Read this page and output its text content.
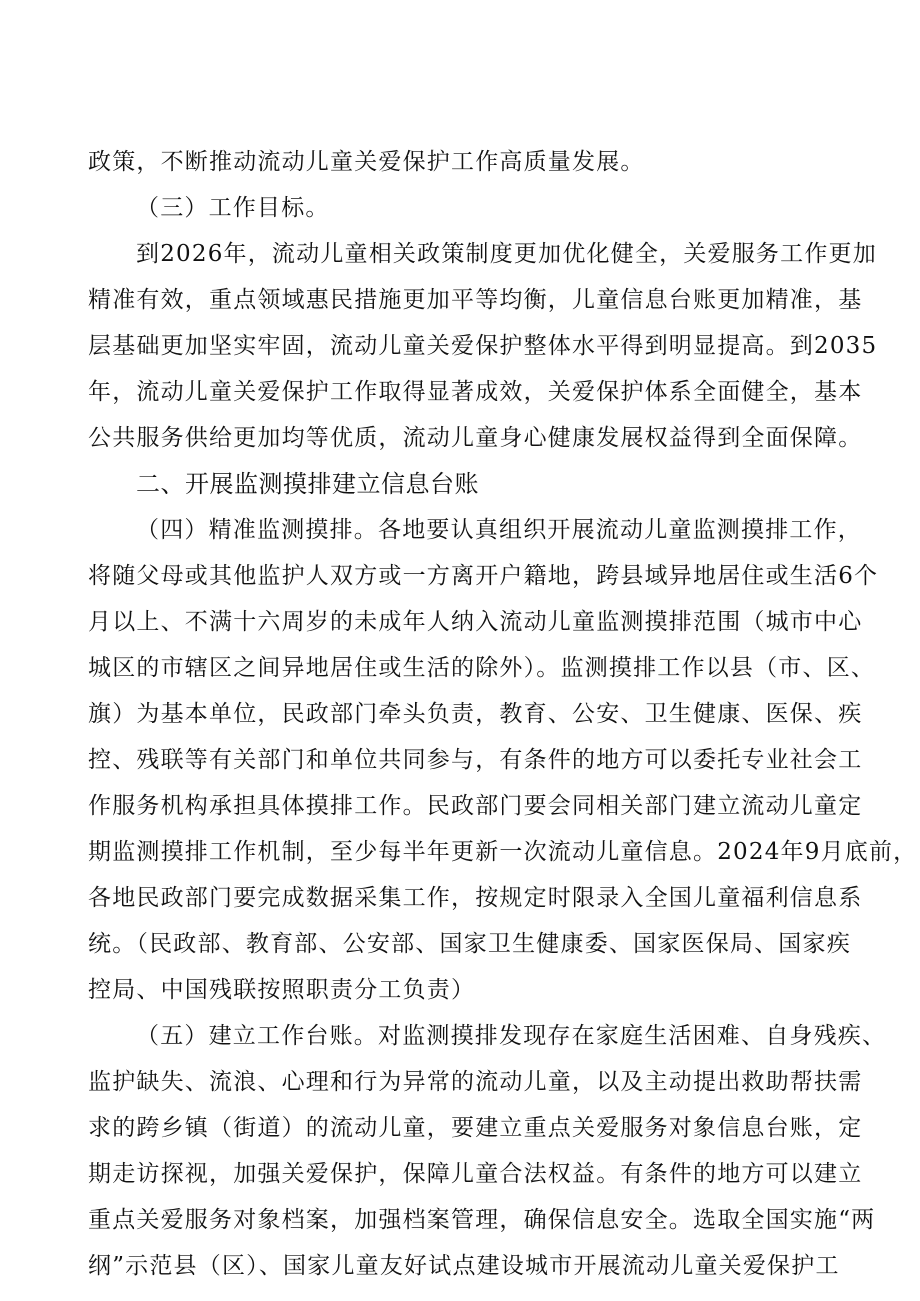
政策，不断推动流动儿童关爱保护工作高质量发展。
（三）工作目标。
到2026年，流动儿童相关政策制度更加优化健全，关爱服务工作更加
精准有效，重点领域惠民措施更加平等均衡，儿童信息台账更加精准，基
层基础更加坚实牢固，流动儿童关爱保护整体水平得到明显提高。到2035
年，流动儿童关爱保护工作取得显著成效，关爱保护体系全面健全，基本
公共服务供给更加均等优质，流动儿童身心健康发展权益得到全面保障。
二、开展监测摸排建立信息台账
（四）精准监测摸排。各地要认真组织开展流动儿童监测摸排工作，
将随父母或其他监护人双方或一方离开户籍地，跨县域异地居住或生活6个
月以上、不满十六周岁的未成年人纳入流动儿童监测摸排范围（城市中心
城区的市辖区之间异地居住或生活的除外）。监测摸排工作以县（市、区、
旗）为基本单位，民政部门牵头负责，教育、公安、卫生健康、医保、疾
控、残联等有关部门和单位共同参与，有条件的地方可以委托专业社会工
作服务机构承担具体摸排工作。民政部门要会同相关部门建立流动儿童定
期监测摸排工作机制，至少每半年更新一次流动儿童信息。2024年9月底前，
各地民政部门要完成数据采集工作，按规定时限录入全国儿童福利信息系
统。（民政部、教育部、公安部、国家卫生健康委、国家医保局、国家疾
控局、中国残联按照职责分工负责）
（五）建立工作台账。对监测摸排发现存在家庭生活困难、自身残疾、
监护缺失、流浪、心理和行为异常的流动儿童，以及主动提出救助帮扶需
求的跨乡镇（街道）的流动儿童，要建立重点关爱服务对象信息台账，定
期走访探视，加强关爱保护，保障儿童合法权益。有条件的地方可以建立
重点关爱服务对象档案，加强档案管理，确保信息安全。选取全国实施“两
纲”示范县（区）、国家儿童友好试点建设城市开展流动儿童关爱保护工
